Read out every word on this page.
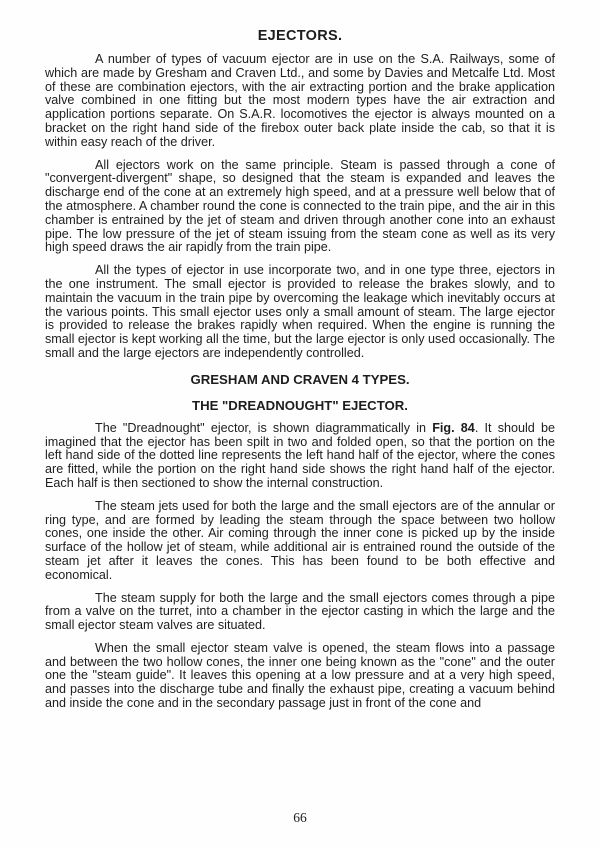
EJECTORS.

A number of types of vacuum ejector are in use on the S.A. Railways, some of which are made by Gresham and Craven Ltd., and some by Davies and Metcalfe Ltd. Most of these are combination ejectors, with the air extracting portion and the brake application valve combined in one fitting but the most modern types have the air extraction and application portions separate. On S.A.R. locomotives the ejector is always mounted on a bracket on the right hand side of the firebox outer back plate inside the cab, so that it is within easy reach of the driver.

All ejectors work on the same principle. Steam is passed through a cone of "convergent-divergent" shape, so designed that the steam is expanded and leaves the discharge end of the cone at an extremely high speed, and at a pressure well below that of the atmosphere. A chamber round the cone is connected to the train pipe, and the air in this chamber is entrained by the jet of steam and driven through another cone into an exhaust pipe. The low pressure of the jet of steam issuing from the steam cone as well as its very high speed draws the air rapidly from the train pipe.

All the types of ejector in use incorporate two, and in one type three, ejectors in the one instrument. The small ejector is provided to release the brakes slowly, and to maintain the vacuum in the train pipe by overcoming the leakage which inevitably occurs at the various points. This small ejector uses only a small amount of steam. The large ejector is provided to release the brakes rapidly when required. When the engine is running the small ejector is kept working all the time, but the large ejector is only used occasionally. The small and the large ejectors are independently controlled.

GRESHAM AND CRAVEN 4 TYPES.
THE "DREADNOUGHT" EJECTOR.

The "Dreadnought" ejector, is shown diagrammatically in Fig. 84. It should be imagined that the ejector has been spilt in two and folded open, so that the portion on the left hand side of the dotted line represents the left hand half of the ejector, where the cones are fitted, while the portion on the right hand side shows the right hand half of the ejector. Each half is then sectioned to show the internal construction.

The steam jets used for both the large and the small ejectors are of the annular or ring type, and are formed by leading the steam through the space between two hollow cones, one inside the other. Air coming through the inner cone is picked up by the inside surface of the hollow jet of steam, while additional air is entrained round the outside of the steam jet after it leaves the cones. This has been found to be both effective and economical.

The steam supply for both the large and the small ejectors comes through a pipe from a valve on the turret, into a chamber in the ejector casting in which the large and the small ejector steam valves are situated.

When the small ejector steam valve is opened, the steam flows into a passage and between the two hollow cones, the inner one being known as the "cone" and the outer one the "steam guide". It leaves this opening at a low pressure and at a very high speed, and passes into the discharge tube and finally the exhaust pipe, creating a vacuum behind and inside the cone and in the secondary passage just in front of the cone and

66
